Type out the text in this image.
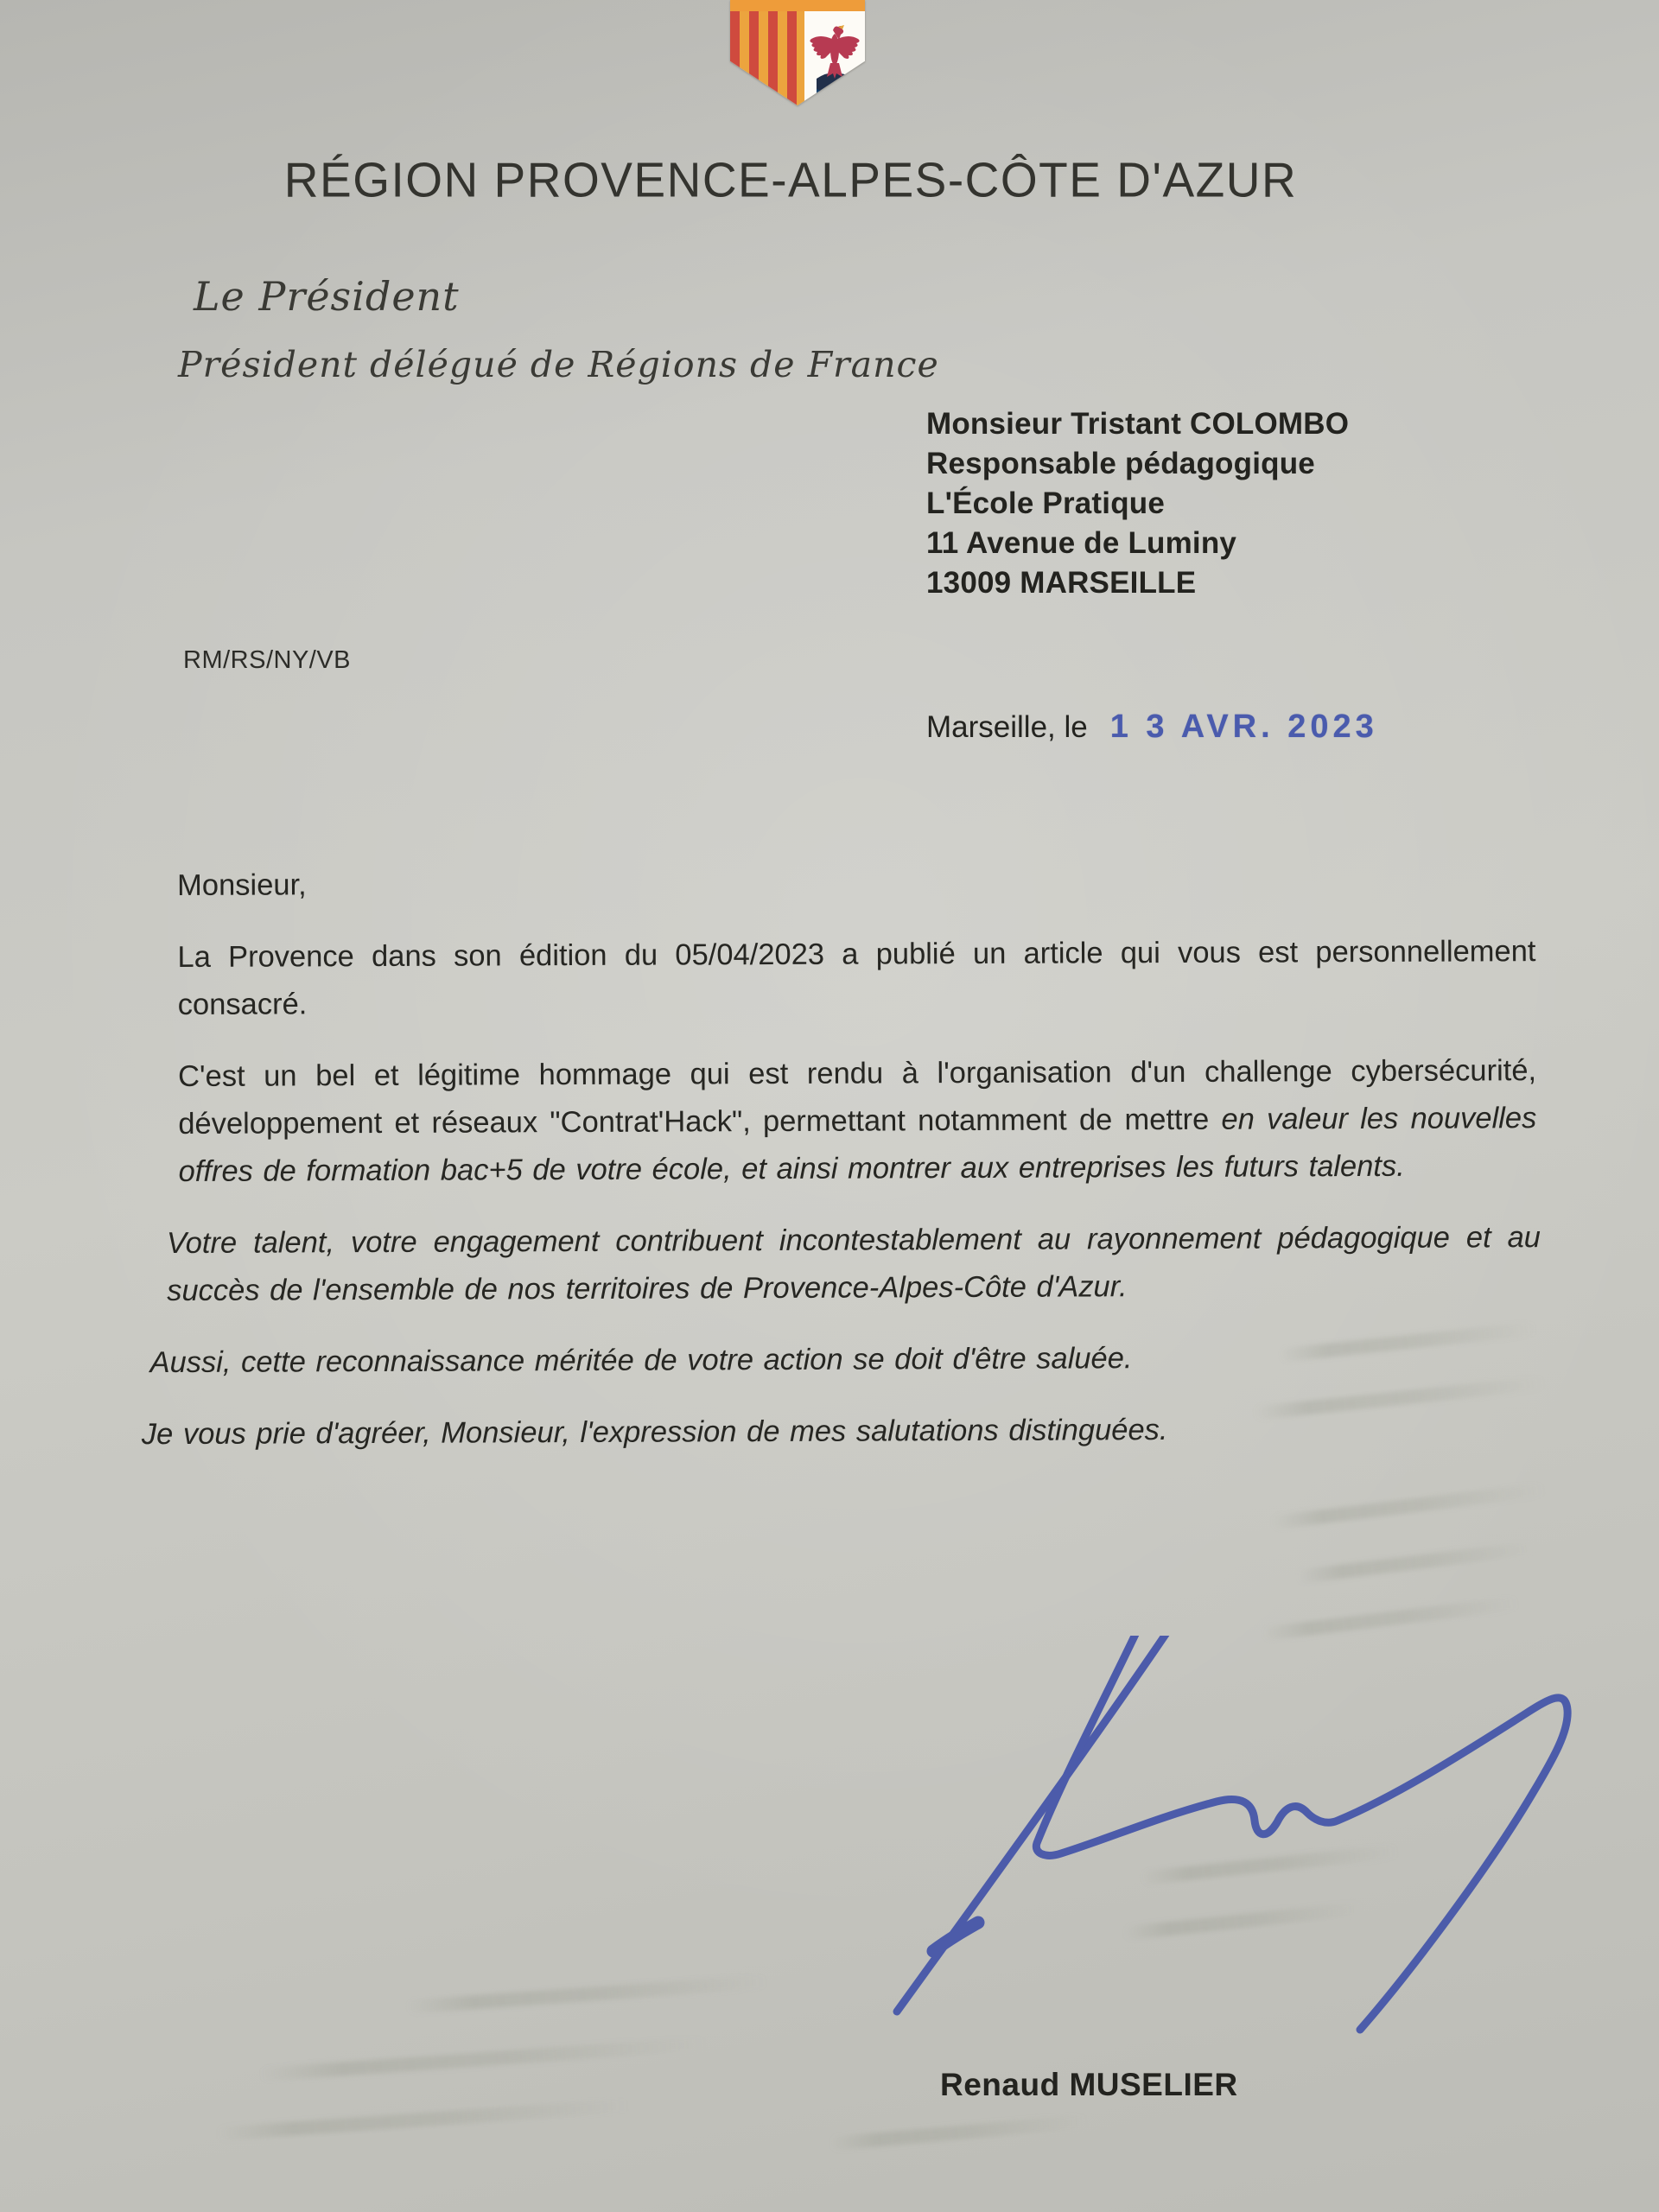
RÉGION PROVENCE-ALPES-CÔTE D'AZUR
Le Président
Président délégué de Régions de France
Monsieur Tristant COLOMBO
Responsable pédagogique
L'École Pratique
11 Avenue de Luminy
13009 MARSEILLE
RM/RS/NY/VB
Marseille, le 1 3 AVR. 2023

Monsieur,

La Provence dans son édition du 05/04/2023 a publié un article qui vous est personnellement consacré.

C'est un bel et légitime hommage qui est rendu à l'organisation d'un challenge cybersécurité, développement et réseaux "Contrat'Hack", permettant notamment de mettre en valeur les nouvelles offres de formation bac+5 de votre école, et ainsi montrer aux entreprises les futurs talents.

Votre talent, votre engagement contribuent incontestablement au rayonnement pédagogique et au succès de l'ensemble de nos territoires de Provence-Alpes-Côte d'Azur.

Aussi, cette reconnaissance méritée de votre action se doit d'être saluée.

Je vous prie d'agréer, Monsieur, l'expression de mes salutations distinguées.

Renaud MUSELIER
